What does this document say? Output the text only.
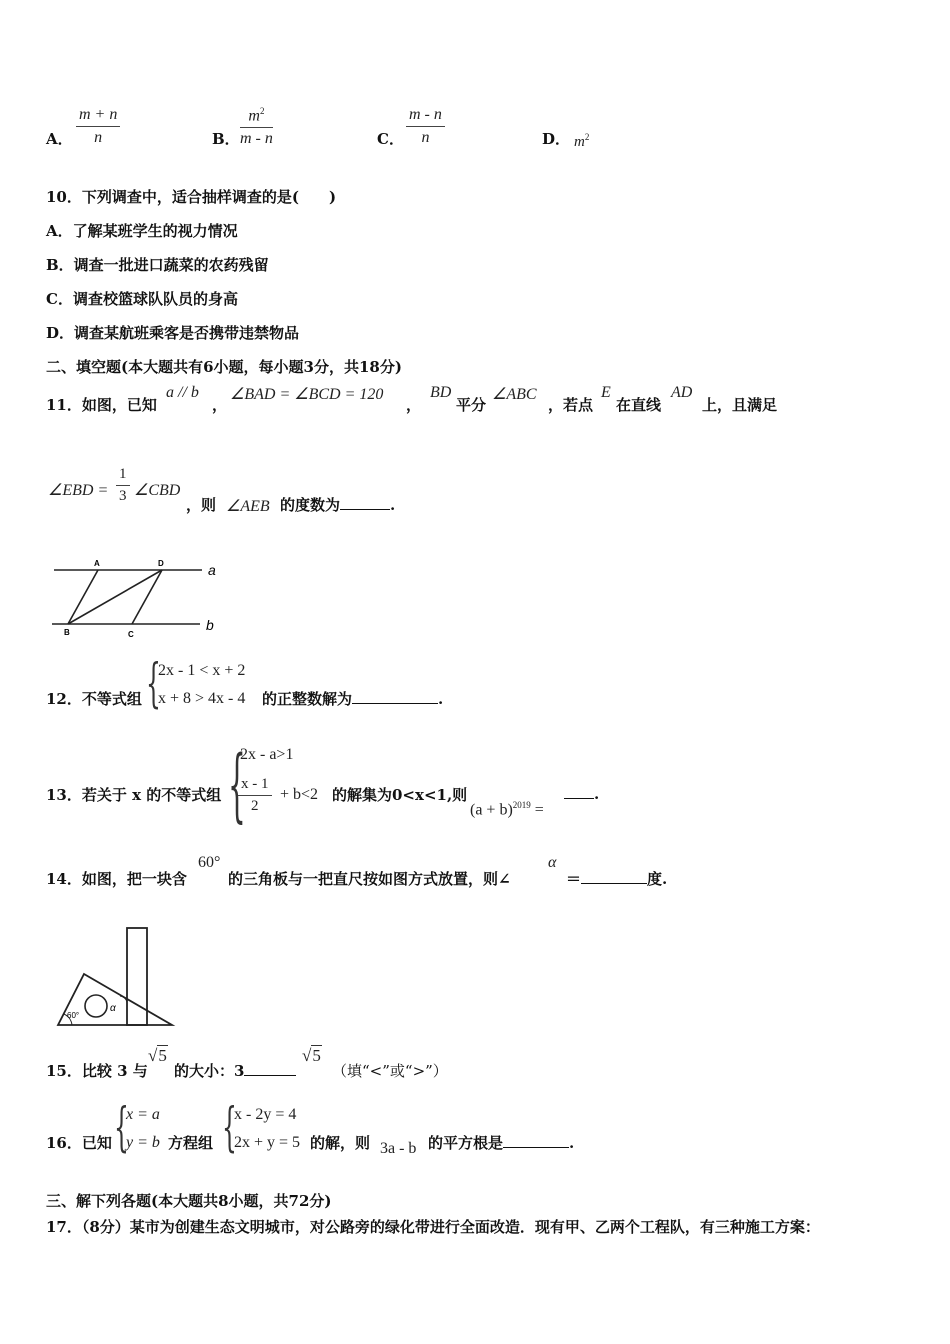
A． $\frac{m + n}{n}$	B． $\frac{m^2}{m - n}$	C． $\frac{m - n}{n}$	D． $m^2$
10．下列调查中，适合抽样调查的是(　　)
A．了解某班学生的视力情况
B．调查一批进口蔬菜的农药残留
C．调查校篮球队队员的身高
D．调查某航班乘客是否携带违禁物品
二、填空题(本大题共有6小题，每小题3分，共18分)
11．如图，已知
a // b
，
∠BAD = ∠BCD = 120
，
BD
平分
∠ABC
，若点
E
在直线
AD
上，且满足
∠EBD = $\frac{1}{3}$ ∠CBD
，则 ∠AEB 的度数为	.
A	D
B	C
a
b
12．不等式组 {
2x - 1 < x + 2
x + 8 > 4x - 4 的正整数解为	.
13．若关于 x 的不等式组 {
2x - a>1
$\frac{x - 1}{2} + b<2$ 的解集为0<x<1,则
$(a + b)^{2019}$ =
.
14．如图，把一块含
60°
的三角板与一把直尺按如图方式放置，则∠
α
＝	度.
60°
α
15．比较 3 与
√5
的大小：3
√5
（填“<”或“>”）
16．已知 {
x = a
y = b 方程组 {
x - 2y = 4
2x + y = 5 的解，则 3a - b 的平方根是	.
三、解下列各题(本大题共8小题，共72分)
17．（8分）某市为创建生态文明城市，对公路旁的绿化带进行全面改造．现有甲、乙两个工程队，有三种施工方案：
